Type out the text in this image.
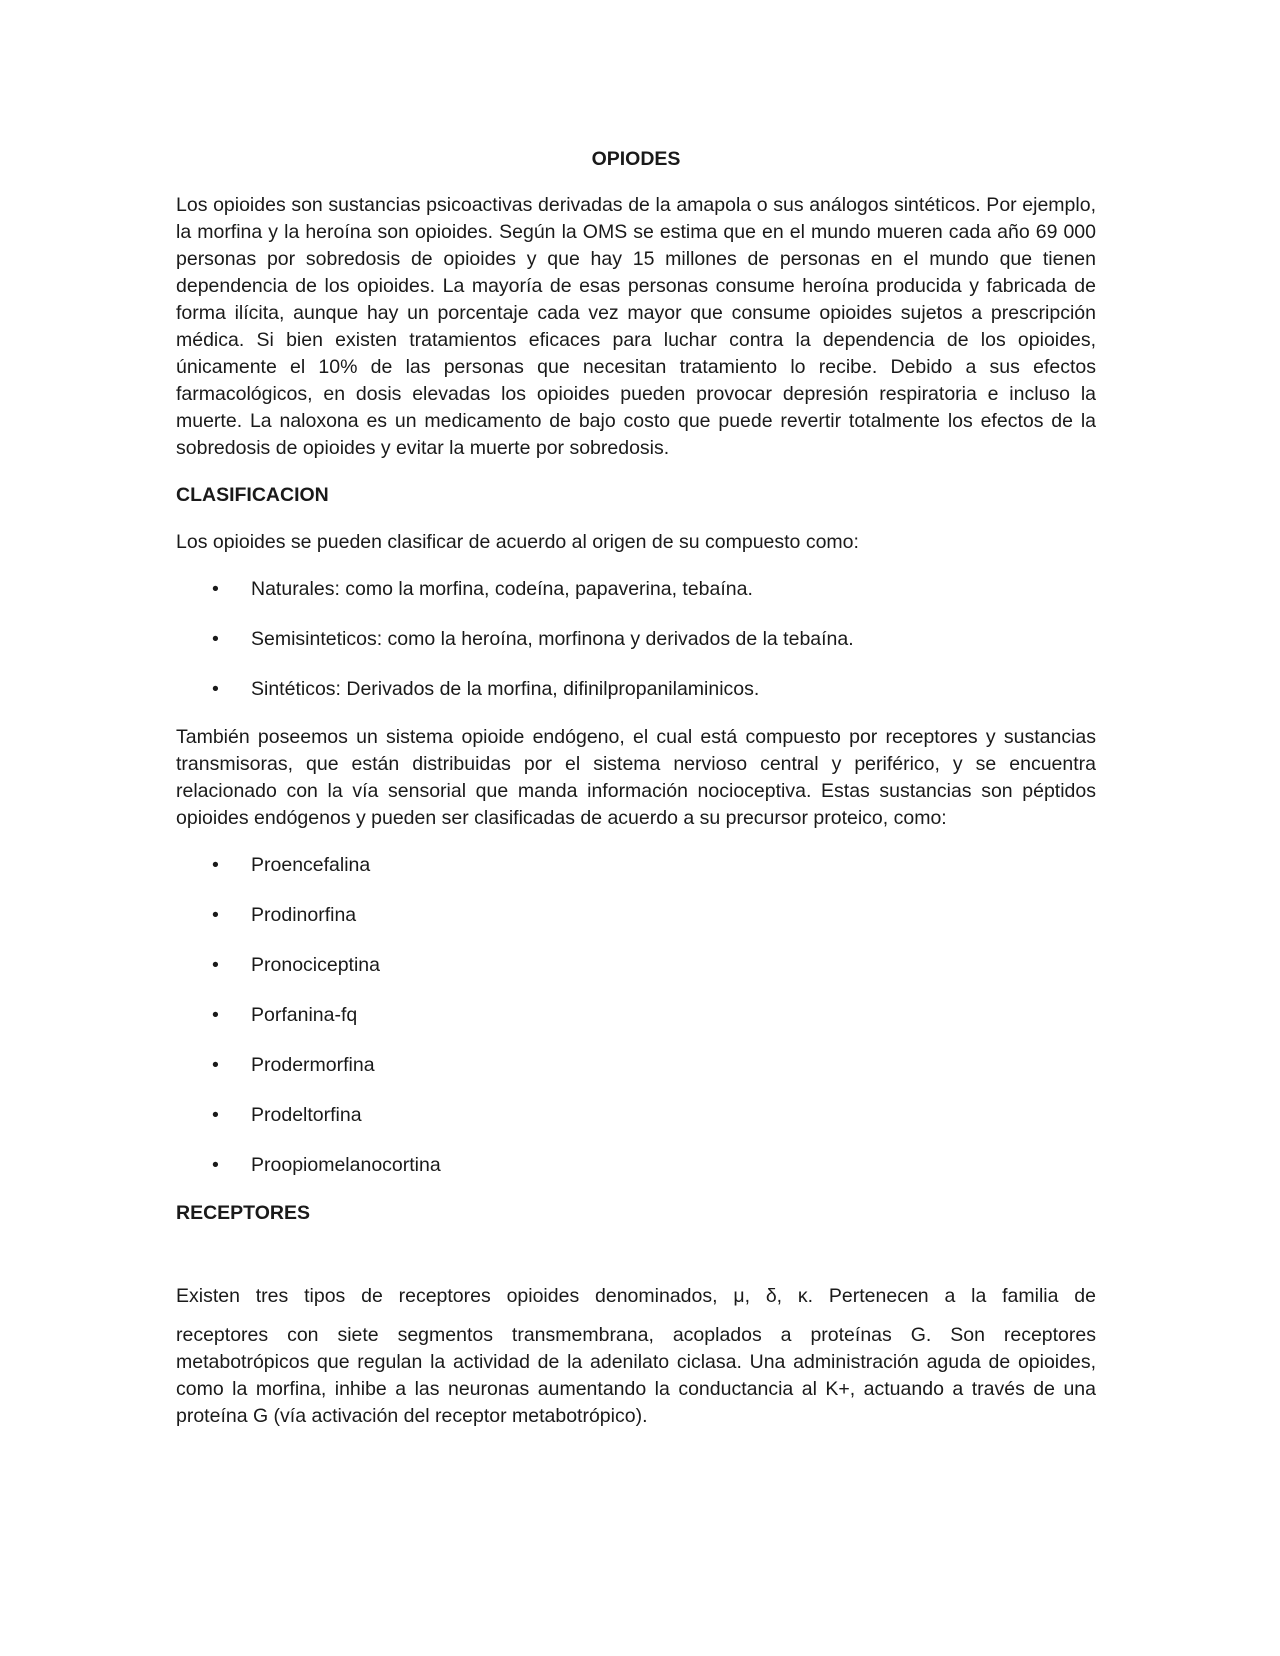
OPIODES

Los opioides son sustancias psicoactivas derivadas de la amapola o sus análogos sintéticos. Por ejemplo, la morfina y la heroína son opioides. Según la OMS se estima que en el mundo mueren cada año 69 000 personas por sobredosis de opioides y que hay 15 millones de personas en el mundo que tienen dependencia de los opioides. La mayoría de esas personas consume heroína producida y fabricada de forma ilícita, aunque hay un porcentaje cada vez mayor que consume opioides sujetos a prescripción médica. Si bien existen tratamientos eficaces para luchar contra la dependencia de los opioides, únicamente el 10% de las personas que necesitan tratamiento lo recibe. Debido a sus efectos farmacológicos, en dosis elevadas los opioides pueden provocar depresión respiratoria e incluso la muerte. La naloxona es un medicamento de bajo costo que puede revertir totalmente los efectos de la sobredosis de opioides y evitar la muerte por sobredosis.

CLASIFICACION

Los opioides se pueden clasificar de acuerdo al origen de su compuesto como:

• Naturales: como la morfina, codeína, papaverina, tebaína.
• Semisinteticos: como la heroína, morfinona y derivados de la tebaína.
• Sintéticos: Derivados de la morfina, difinilpropanilaminicos.

También poseemos un sistema opioide endógeno, el cual está compuesto por receptores y sustancias transmisoras, que están distribuidas por el sistema nervioso central y periférico, y se encuentra relacionado con la vía sensorial que manda información nocioceptiva. Estas sustancias son péptidos opioides endógenos y pueden ser clasificadas de acuerdo a su precursor proteico, como:

• Proencefalina
• Prodinorfina
• Pronociceptina
• Porfanina-fq
• Prodermorfina
• Prodeltorfina
• Proopiomelanocortina
RECEPTORES

Existen tres tipos de receptores opioides denominados, μ, δ, κ. Pertenecen a la familia de

receptores con siete segmentos transmembrana, acoplados a proteínas G. Son receptores metabotrópicos que regulan la actividad de la adenilato ciclasa. Una administración aguda de opioides, como la morfina, inhibe a las neuronas aumentando la conductancia al K+, actuando a través de una proteína G (vía activación del receptor metabotrópico).
